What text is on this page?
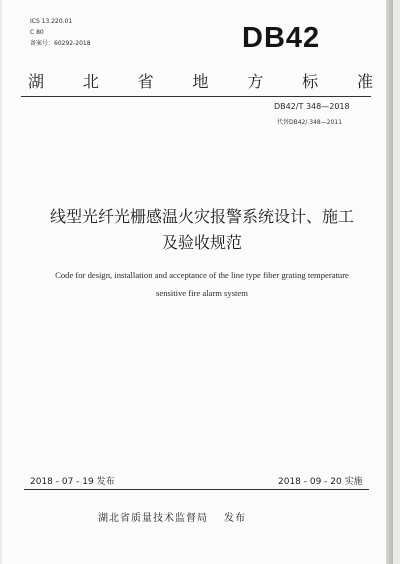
ICS 13.220.01
C 80
备案号：60292-2018	DB42
湖 北 省 地 方 标 准
DB42/T 348—2018
代替DB42/ 348—2011
线型光纤光栅感温火灾报警系统设计、施工
及验收规范
Code for design, installation and acceptance of the line type fiber grating temperature
sensitive fire alarm system
2018 - 07 - 19 发布	2018 - 09 - 20 实施
湖北省质量技术监督局 发布
